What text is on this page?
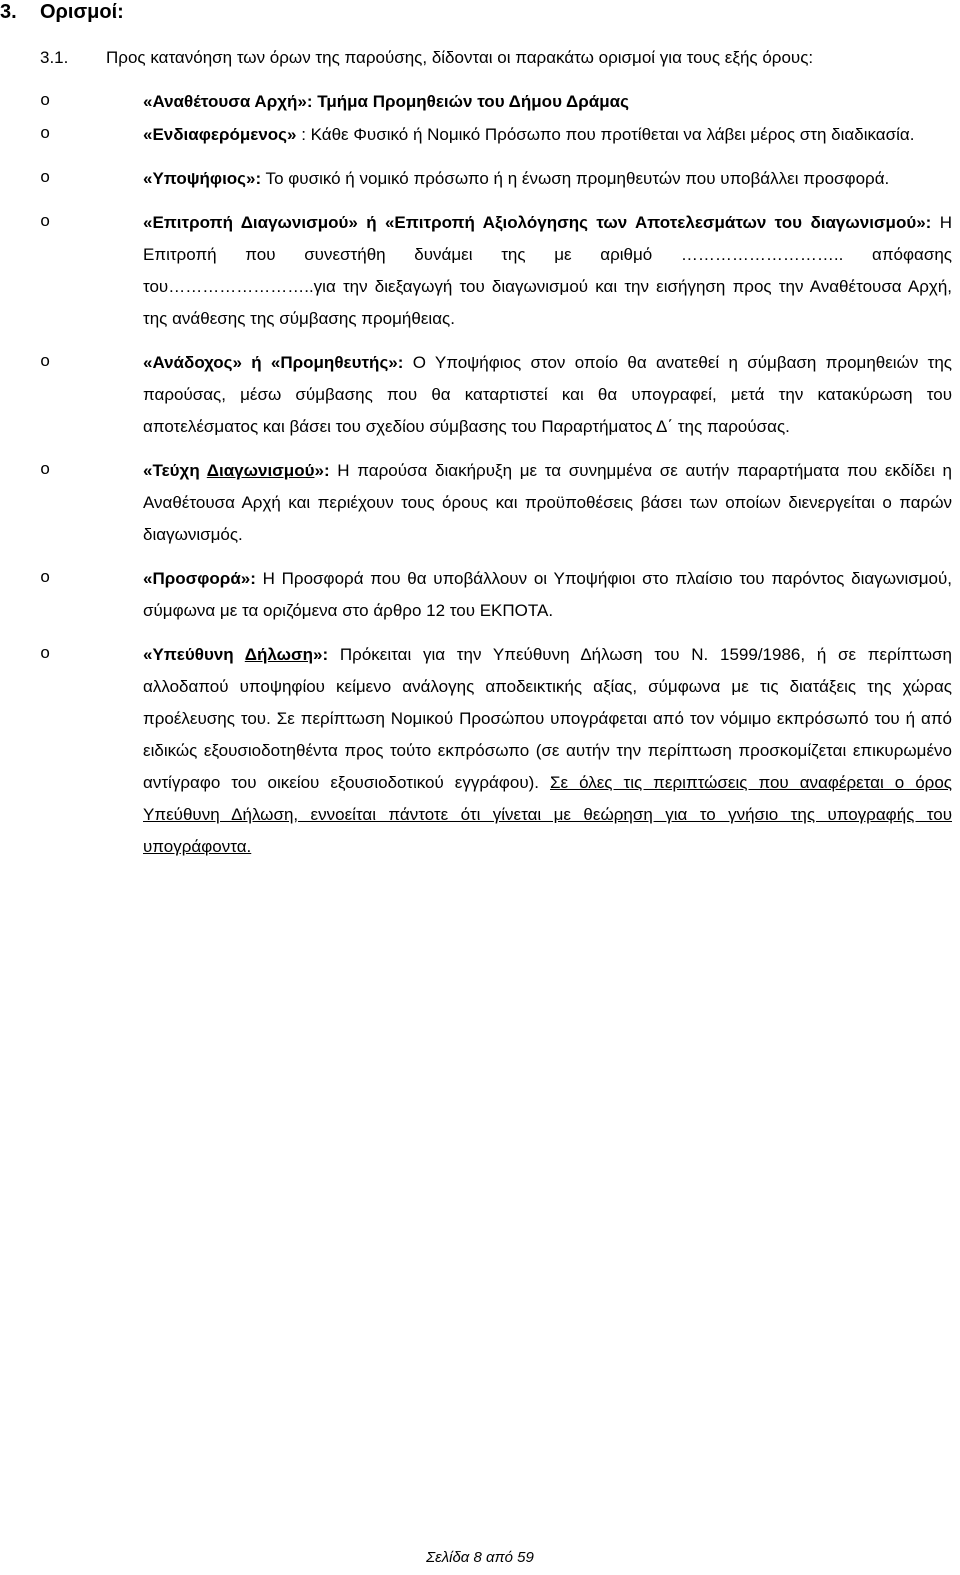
3. Ορισμοί:
3.1. Προς κατανόηση των όρων της παρούσης, δίδονται οι παρακάτω ορισμοί για τους εξής όρους:
o	«Αναθέτουσα Αρχή»: Τμήμα Προμηθειών του Δήμου Δράμας
o	«Ενδιαφερόμενος» : Κάθε Φυσικό ή Νομικό Πρόσωπο που προτίθεται να λάβει μέρος στη διαδικασία.
o	«Υποψήφιος»: Το φυσικό ή νομικό πρόσωπο ή η ένωση προμηθευτών που υποβάλλει προσφορά.
o	«Επιτροπή Διαγωνισμού» ή «Επιτροπή Αξιολόγησης των Αποτελεσμάτων του διαγωνισμού»: Η Επιτροπή που συνεστήθη δυνάμει της με αριθμό ……………………….. απόφασης του……………………..για την διεξαγωγή του διαγωνισμού και την εισήγηση προς την Αναθέτουσα Αρχή, της ανάθεσης της σύμβασης προμήθειας.
o	«Ανάδοχος» ή «Προμηθευτής»: Ο Υποψήφιος στον οποίο θα ανατεθεί η σύμβαση προμηθειών της παρούσας, μέσω σύμβασης που θα καταρτιστεί και θα υπογραφεί, μετά την κατακύρωση του αποτελέσματος και βάσει του σχεδίου σύμβασης του Παραρτήματος Δ΄ της παρούσας.
o	«Τεύχη Διαγωνισμού»: Η παρούσα διακήρυξη με τα συνημμένα σε αυτήν παραρτήματα που εκδίδει η Αναθέτουσα Αρχή και περιέχουν τους όρους και προϋποθέσεις βάσει των οποίων διενεργείται ο παρών διαγωνισμός.
o	«Προσφορά»: Η Προσφορά που θα υποβάλλουν οι Υποψήφιοι στο πλαίσιο του παρόντος διαγωνισμού, σύμφωνα με τα οριζόμενα στο άρθρο 12 του ΕΚΠΟΤΑ.
o	«Υπεύθυνη Δήλωση»: Πρόκειται για την Υπεύθυνη Δήλωση του Ν. 1599/1986, ή σε περίπτωση αλλοδαπού υποψηφίου κείμενο ανάλογης αποδεικτικής αξίας, σύμφωνα με τις διατάξεις της χώρας προέλευσης του. Σε περίπτωση Νομικού Προσώπου υπογράφεται από τον νόμιμο εκπρόσωπό του ή από ειδικώς εξουσιοδοτηθέντα προς τούτο εκπρόσωπο (σε αυτήν την περίπτωση προσκομίζεται επικυρωμένο αντίγραφο του οικείου εξουσιοδοτικού εγγράφου). Σε όλες τις περιπτώσεις που αναφέρεται ο όρος Υπεύθυνη Δήλωση, εννοείται πάντοτε ότι γίνεται με θεώρηση για το γνήσιο της υπογραφής του υπογράφοντα.
Σελίδα 8 από 59
